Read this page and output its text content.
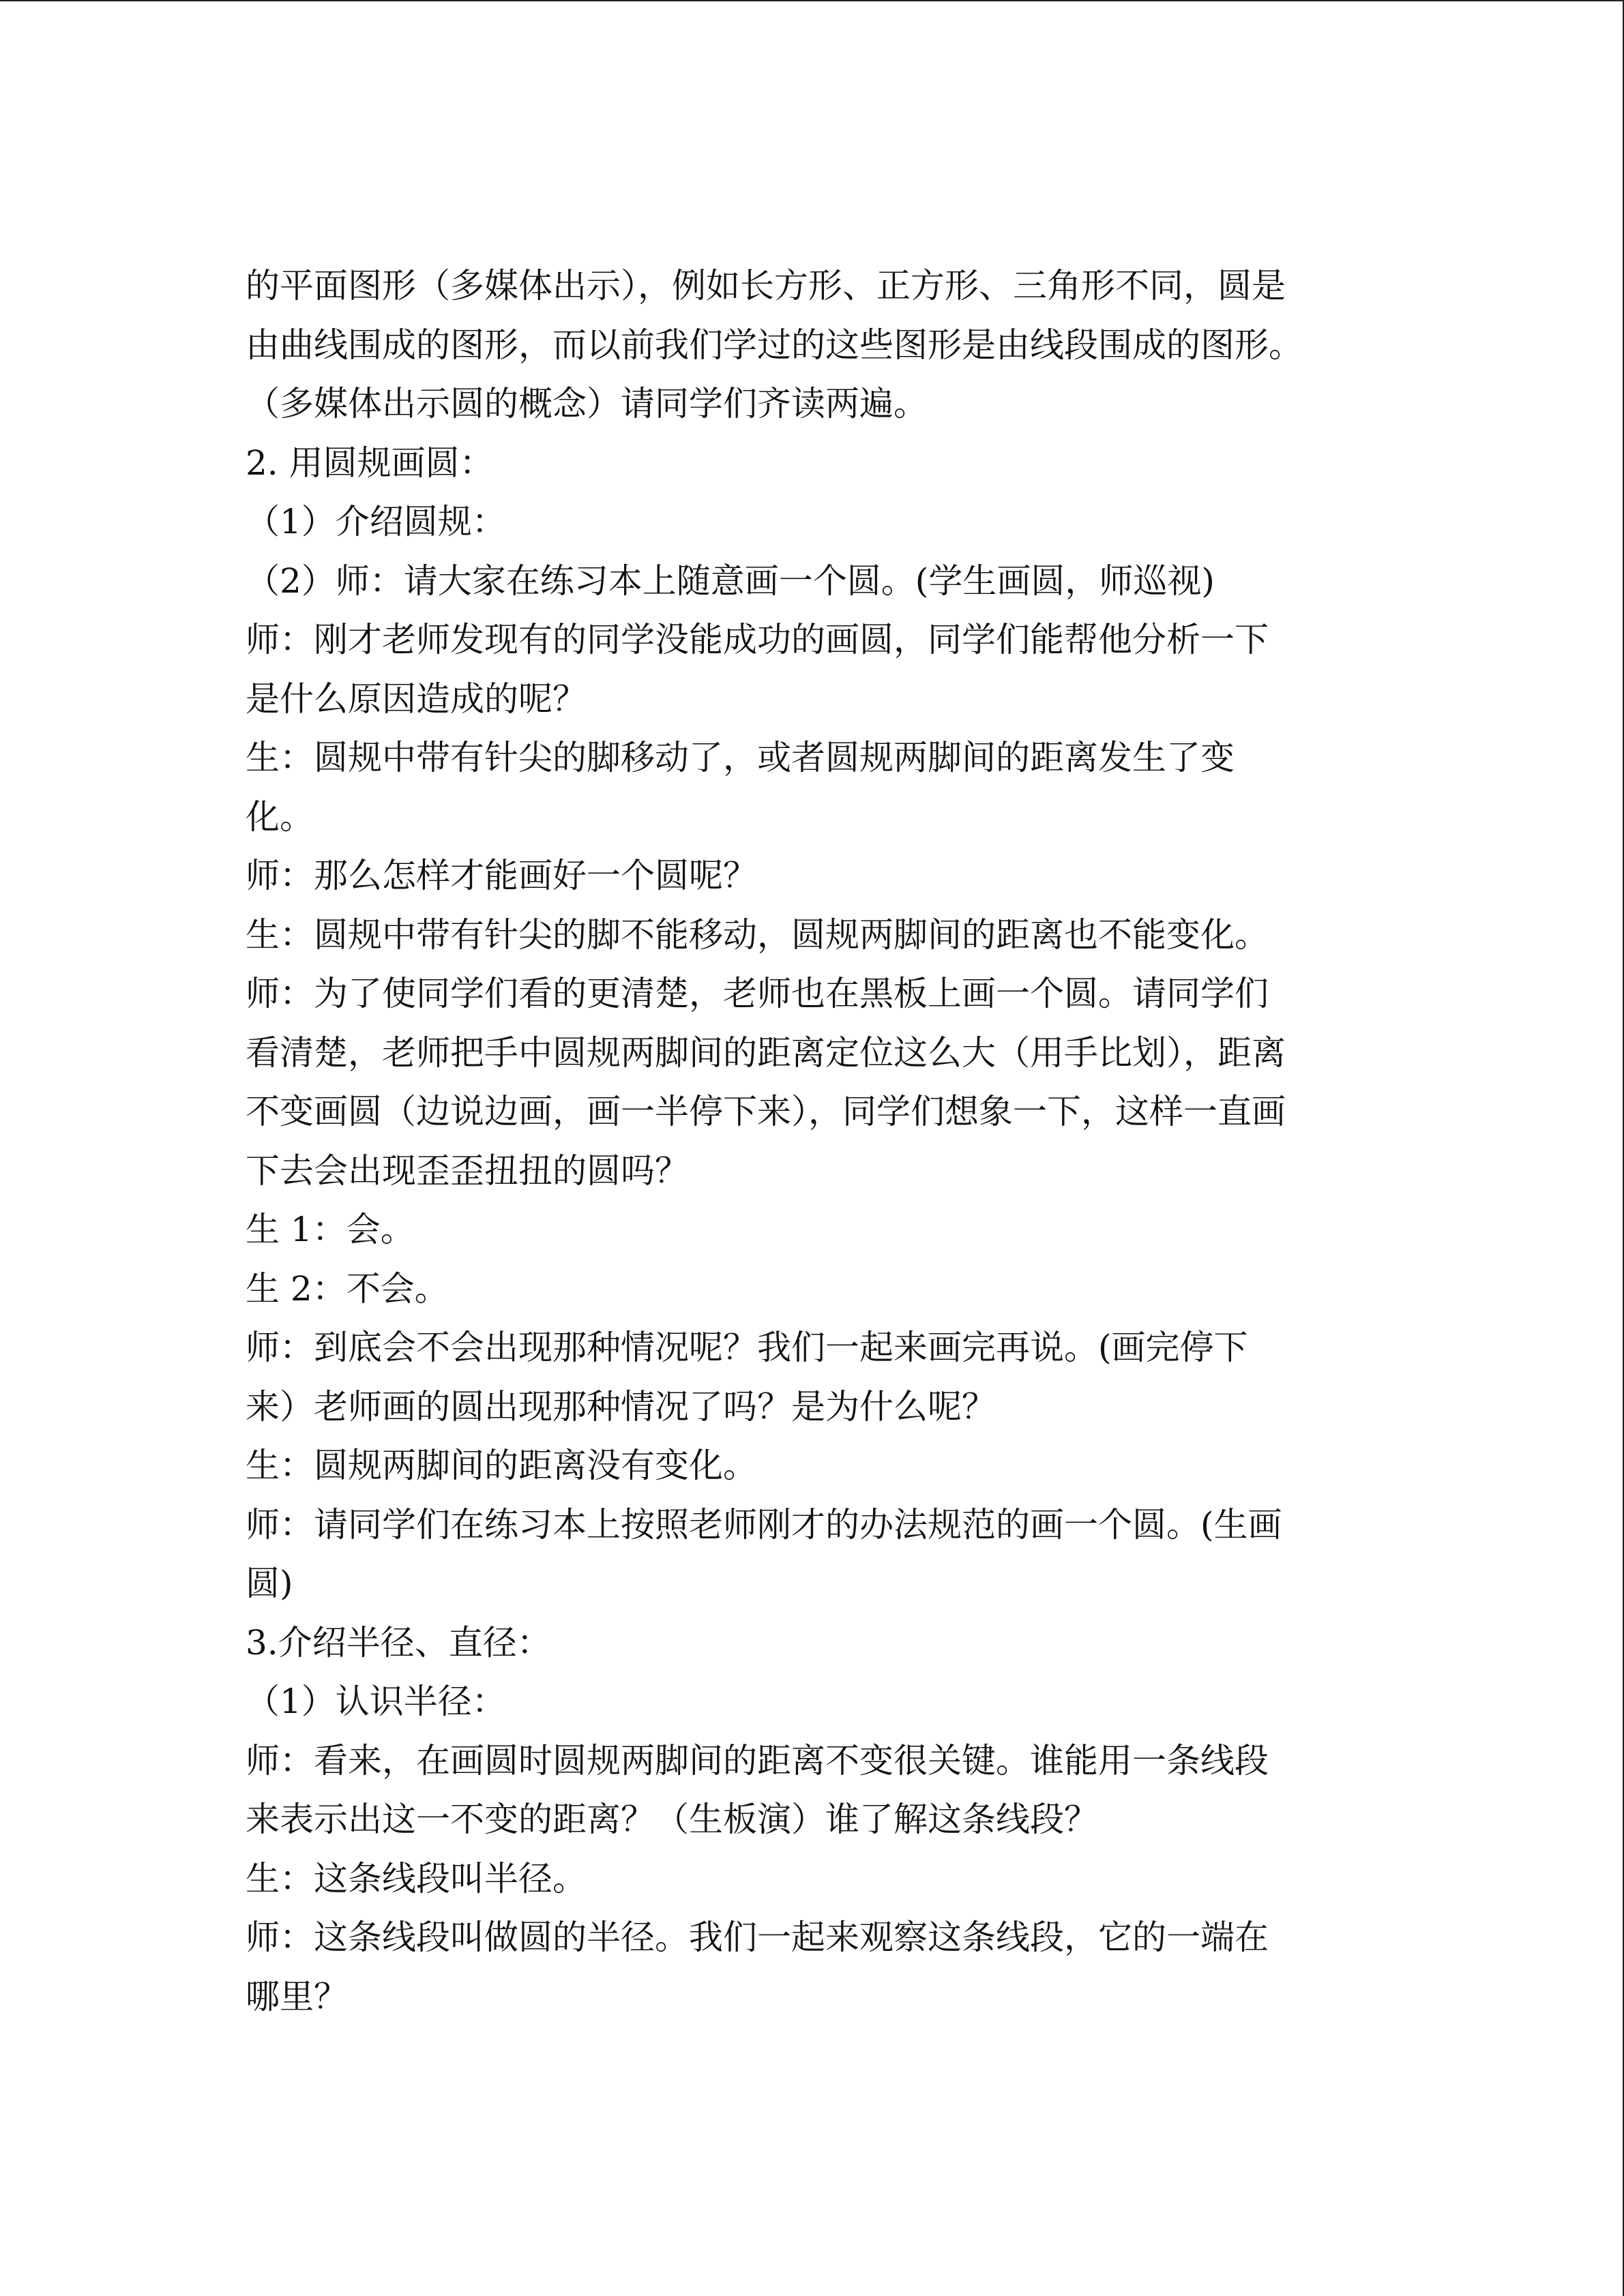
的平面图形（多媒体出示），例如长方形、正方形、三角形不同，圆是
由曲线围成的图形，而以前我们学过的这些图形是由线段围成的图形。
（多媒体出示圆的概念）请同学们齐读两遍。
2. 用圆规画圆：
（1）介绍圆规：
（2）师：请大家在练习本上随意画一个圆。(学生画圆，师巡视)
师：刚才老师发现有的同学没能成功的画圆，同学们能帮他分析一下
是什么原因造成的呢？
生：圆规中带有针尖的脚移动了，或者圆规两脚间的距离发生了变
化。
师：那么怎样才能画好一个圆呢？
生：圆规中带有针尖的脚不能移动，圆规两脚间的距离也不能变化。
师：为了使同学们看的更清楚，老师也在黑板上画一个圆。请同学们
看清楚，老师把手中圆规两脚间的距离定位这么大（用手比划），距离
不变画圆（边说边画，画一半停下来），同学们想象一下，这样一直画
下去会出现歪歪扭扭的圆吗？
生 1：会。
生 2：不会。
师：到底会不会出现那种情况呢？我们一起来画完再说。(画完停下
来）老师画的圆出现那种情况了吗？是为什么呢？
生：圆规两脚间的距离没有变化。
师：请同学们在练习本上按照老师刚才的办法规范的画一个圆。(生画
圆)
3.介绍半径、直径：
（1）认识半径：
师：看来，在画圆时圆规两脚间的距离不变很关键。谁能用一条线段
来表示出这一不变的距离？（生板演）谁了解这条线段？
生：这条线段叫半径。
师：这条线段叫做圆的半径。我们一起来观察这条线段，它的一端在
哪里？
